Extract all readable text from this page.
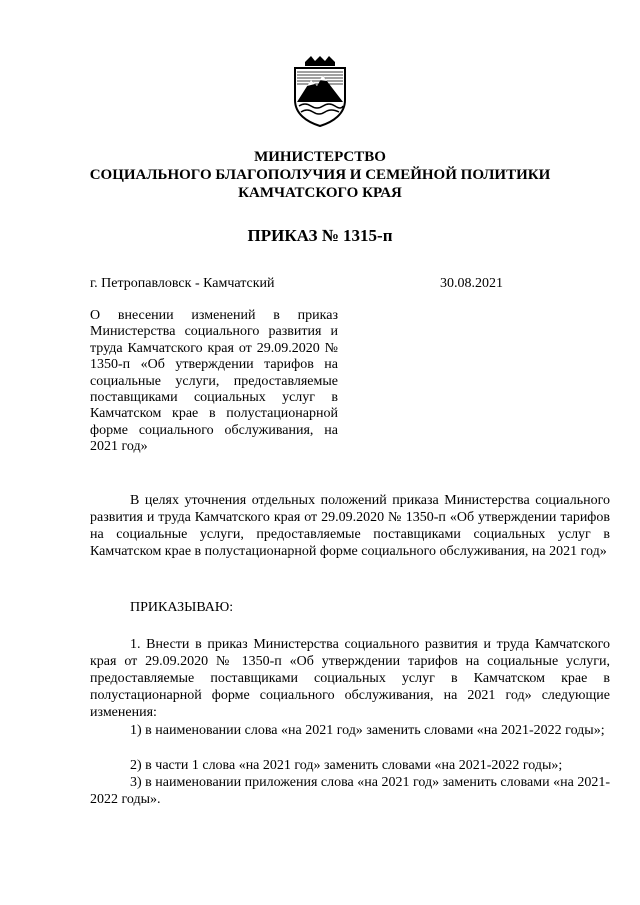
МИНИСТЕРСТВО
СОЦИАЛЬНОГО БЛАГОПОЛУЧИЯ И СЕМЕЙНОЙ ПОЛИТИКИ
КАМЧАТСКОГО КРАЯ
ПРИКАЗ № 1315-п
г. Петропавловск - Камчатский	30.08.2021
О внесении изменений в приказ Министерства социального развития и труда Камчатского края от 29.09.2020 № 1350-п «Об утверждении тарифов на социальные услуги, предоставляемые поставщиками социальных услуг в Камчатском крае в полустационарной форме социального обслуживания, на 2021 год»
В целях уточнения отдельных положений приказа Министерства социального развития и труда Камчатского края от 29.09.2020 № 1350-п «Об утверждении тарифов на социальные услуги, предоставляемые поставщиками социальных услуг в Камчатском крае в полустационарной форме социального обслуживания, на 2021 год»
ПРИКАЗЫВАЮ:
1. Внести в приказ Министерства социального развития и труда Камчатского края от 29.09.2020 № 1350-п «Об утверждении тарифов на социальные услуги, предоставляемые поставщиками социальных услуг в Камчатском крае в полустационарной форме социального обслуживания, на 2021 год» следующие изменения:
1) в наименовании слова «на 2021 год» заменить словами «на 2021-2022 годы»;
2) в части 1 слова «на 2021 год» заменить словами «на 2021-2022 годы»;
3) в наименовании приложения слова «на 2021 год» заменить словами «на 2021-2022 годы».
